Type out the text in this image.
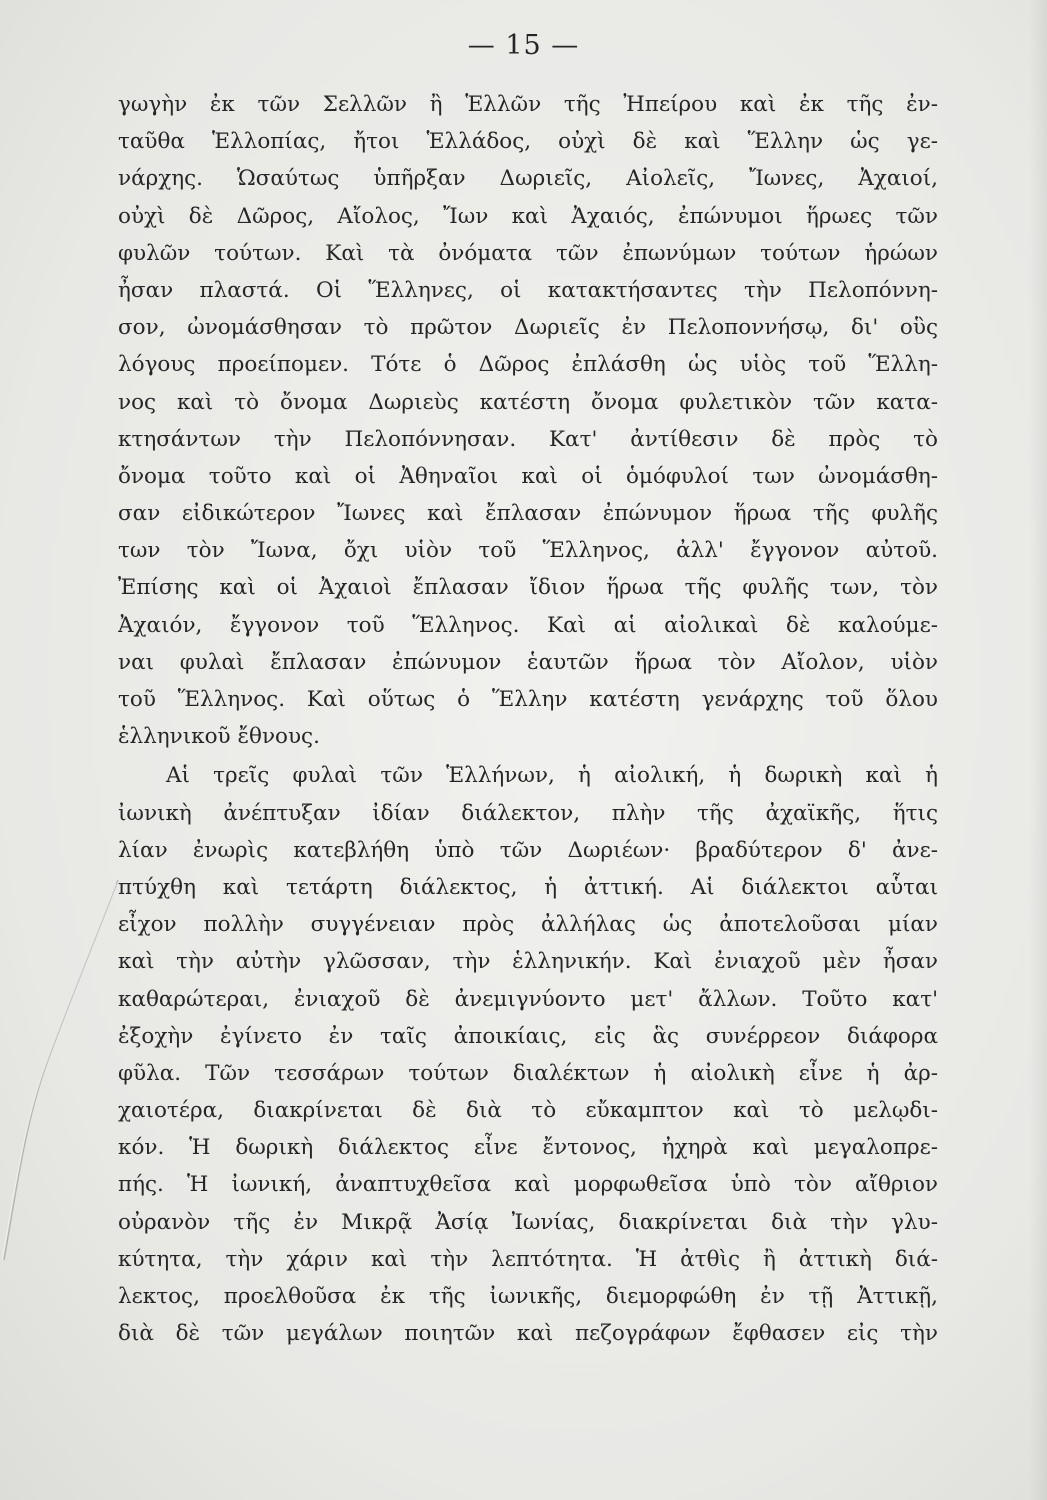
— 15 —
γωγὴν ἐκ τῶν Σελλῶν ἢ Ἑλλῶν τῆς Ἠπείρου καὶ ἐκ τῆς ἐν-
ταῦθα Ἑλλοπίας, ἤτοι Ἑλλάδος, οὐχὶ δὲ καὶ Ἕλλην ὡς γε-
νάρχης. Ὡσαύτως ὑπῆρξαν Δωριεῖς, Αἰολεῖς, Ἴωνες, Ἀχαιοί,
οὐχὶ δὲ Δῶρος, Αἴολος, Ἴων καὶ Ἀχαιός, ἐπώνυμοι ἥρωες τῶν
φυλῶν τούτων. Καὶ τὰ ὀνόματα τῶν ἐπωνύμων τούτων ἡρώων
ἦσαν πλαστά. Οἱ Ἕλληνες, οἱ κατακτήσαντες τὴν Πελοπόννη-
σον, ὠνομάσθησαν τὸ πρῶτον Δωριεῖς ἐν Πελοποννήσῳ, δι' οὓς
λόγους προείπομεν. Τότε ὁ Δῶρος ἐπλάσθη ὡς υἱὸς τοῦ Ἕλλη-
νος καὶ τὸ ὄνομα Δωριεὺς κατέστη ὄνομα φυλετικὸν τῶν κατα-
κτησάντων τὴν Πελοπόννησαν. Κατ' ἀντίθεσιν δὲ πρὸς τὸ
ὄνομα τοῦτο καὶ οἱ Ἀθηναῖοι καὶ οἱ ὁμόφυλοί των ὠνομάσθη-
σαν εἰδικώτερον Ἴωνες καὶ ἔπλασαν ἐπώνυμον ἥρωα τῆς φυλῆς
των τὸν Ἴωνα, ὄχι υἱὸν τοῦ Ἕλληνος, ἀλλ' ἔγγονον αὐτοῦ.
Ἐπίσης καὶ οἱ Ἀχαιοὶ ἔπλασαν ἴδιον ἥρωα τῆς φυλῆς των, τὸν
Ἀχαιόν, ἔγγονον τοῦ Ἕλληνος. Καὶ αἱ αἰολικαὶ δὲ καλούμε-
ναι φυλαὶ ἔπλασαν ἐπώνυμον ἑαυτῶν ἥρωα τὸν Αἴολον, υἱὸν
τοῦ Ἕλληνος. Καὶ οὕτως ὁ Ἕλλην κατέστη γενάρχης τοῦ ὅλου
ἑλληνικοῦ ἔθνους.
Αἱ τρεῖς φυλαὶ τῶν Ἑλλήνων, ἡ αἰολική, ἡ δωρικὴ καὶ ἡ
ἰωνικὴ ἀνέπτυξαν ἰδίαν διάλεκτον, πλὴν τῆς ἀχαϊκῆς, ἥτις
λίαν ἐνωρὶς κατεβλήθη ὑπὸ τῶν Δωριέων· βραδύτερον δ' ἀνε-
πτύχθη καὶ τετάρτη διάλεκτος, ἡ ἀττική. Αἱ διάλεκτοι αὗται
εἶχον πολλὴν συγγένειαν πρὸς ἀλλήλας ὡς ἀποτελοῦσαι μίαν
καὶ τὴν αὐτὴν γλῶσσαν, τὴν ἑλληνικήν. Καὶ ἐνιαχοῦ μὲν ἦσαν
καθαρώτεραι, ἐνιαχοῦ δὲ ἀνεμιγνύοντο μετ' ἄλλων. Τοῦτο κατ'
ἐξοχὴν ἐγίνετο ἐν ταῖς ἀποικίαις, εἰς ἃς συνέρρεον διάφορα
φῦλα. Τῶν τεσσάρων τούτων διαλέκτων ἡ αἰολικὴ εἶνε ἡ ἀρ-
χαιοτέρα, διακρίνεται δὲ διὰ τὸ εὔκαμπτον καὶ τὸ μελῳδι-
κόν. Ἡ δωρικὴ διάλεκτος εἶνε ἔντονος, ἠχηρὰ καὶ μεγαλοπρε-
πής. Ἡ ἰωνική, ἀναπτυχθεῖσα καὶ μορφωθεῖσα ὑπὸ τὸν αἴθριον
οὐρανὸν τῆς ἐν Μικρᾷ Ἀσίᾳ Ἰωνίας, διακρίνεται διὰ τὴν γλυ-
κύτητα, τὴν χάριν καὶ τὴν λεπτότητα. Ἡ ἀτθὶς ἢ ἀττικὴ διά-
λεκτος, προελθοῦσα ἐκ τῆς ἰωνικῆς, διεμορφώθη ἐν τῇ Ἀττικῇ,
διὰ δὲ τῶν μεγάλων ποιητῶν καὶ πεζογράφων ἔφθασεν εἰς τὴν
